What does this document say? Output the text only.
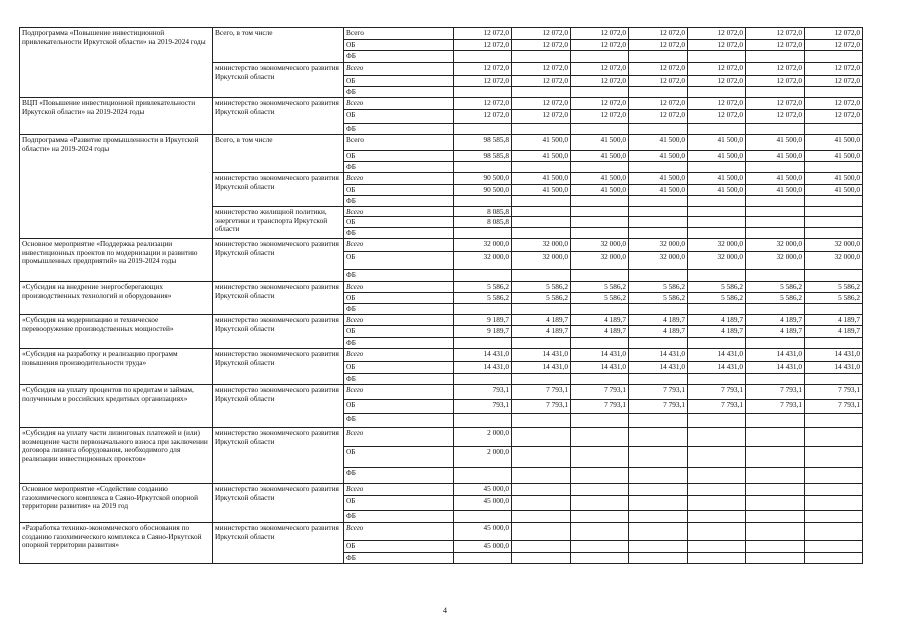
Подпрограмма «Повышение инвестиционной привлекательности Иркутской области» на 2019-2024 годы
Всего, в том числе	Всего	12 072,0	12 072,0	12 072,0	12 072,0	12 072,0	12 072,0	12 072,0
ОБ	12 072,0	12 072,0	12 072,0	12 072,0	12 072,0	12 072,0	12 072,0
ФБ
министерство экономического развития Иркутской области
Всего	12 072,0	12 072,0	12 072,0	12 072,0	12 072,0	12 072,0	12 072,0
ОБ	12 072,0	12 072,0	12 072,0	12 072,0	12 072,0	12 072,0	12 072,0
ФБ
ВЦП «Повышение инвестиционной привлекательности Иркутской области» на 2019-2024 годы
министерство экономического развития Иркутской области
Всего	12 072,0	12 072,0	12 072,0	12 072,0	12 072,0	12 072,0	12 072,0
ОБ	12 072,0	12 072,0	12 072,0	12 072,0	12 072,0	12 072,0	12 072,0
ФБ
Подпрограмма «Развитие промышленности в Иркутской области» на 2019-2024 годы
Всего, в том числе	Всего	98 585,8	41 500,0	41 500,0	41 500,0	41 500,0	41 500,0	41 500,0
ОБ	98 585,8	41 500,0	41 500,0	41 500,0	41 500,0	41 500,0	41 500,0
ФБ
министерство экономического развития Иркутской области
Всего	90 500,0	41 500,0	41 500,0	41 500,0	41 500,0	41 500,0	41 500,0
ОБ	90 500,0	41 500,0	41 500,0	41 500,0	41 500,0	41 500,0	41 500,0
ФБ
министерство жилищной политики, энергетики и транспорта Иркутской области
Всего	8 085,8
ОБ	8 085,8
ФБ
Основное мероприятие «Поддержка реализации инвестиционных проектов по модернизации и развитию промышленных предприятий» на 2019-2024 годы
министерство экономического развития Иркутской области
Всего	32 000,0	32 000,0	32 000,0	32 000,0	32 000,0	32 000,0	32 000,0
ОБ	32 000,0	32 000,0	32 000,0	32 000,0	32 000,0	32 000,0	32 000,0
ФБ
«Субсидия на внедрение энергосберегающих производственных технологий и оборудования»
министерство экономического развития Иркутской области
Всего	5 586,2	5 586,2	5 586,2	5 586,2	5 586,2	5 586,2	5 586,2
ОБ	5 586,2	5 586,2	5 586,2	5 586,2	5 586,2	5 586,2	5 586,2
ФБ
«Субсидия на модернизацию и техническое перевооружение производственных мощностей»
министерство экономического развития Иркутской области
Всего	9 189,7	4 189,7	4 189,7	4 189,7	4 189,7	4 189,7	4 189,7
ОБ	9 189,7	4 189,7	4 189,7	4 189,7	4 189,7	4 189,7	4 189,7
ФБ
«Субсидия на разработку и реализацию программ повышения производительности труда»
министерство экономического развития Иркутской области
Всего	14 431,0	14 431,0	14 431,0	14 431,0	14 431,0	14 431,0	14 431,0
ОБ	14 431,0	14 431,0	14 431,0	14 431,0	14 431,0	14 431,0	14 431,0
ФБ
«Субсидия на уплату процентов по кредитам и займам, полученным в российских кредитных организациях»
министерство экономического развития Иркутской области
Всего	793,1	7 793,1	7 793,1	7 793,1	7 793,1	7 793,1	7 793,1
ОБ	793,1	7 793,1	7 793,1	7 793,1	7 793,1	7 793,1	7 793,1
ФБ
«Субсидия на уплату части лизинговых платежей и (или) возмещение части первоначального взноса при заключении договора лизинга оборудования, необходимого для реализации инвестиционных проектов»
министерство экономического развития Иркутской области
Всего	2 000,0
ОБ	2 000,0
ФБ
Основное мероприятие «Содействие созданию газохимического комплекса в Саяно-Иркутской опорной территории развития» на 2019 год
министерство экономического развития Иркутской области
Всего	45 000,0
ОБ	45 000,0
ФБ
«Разработка технико-экономического обоснования по созданию газохимического комплекса в Саяно-Иркутской опорной территории развития»
министерство экономического развития Иркутской области
Всего	45 000,0
ОБ	45 000,0
ФБ
4
